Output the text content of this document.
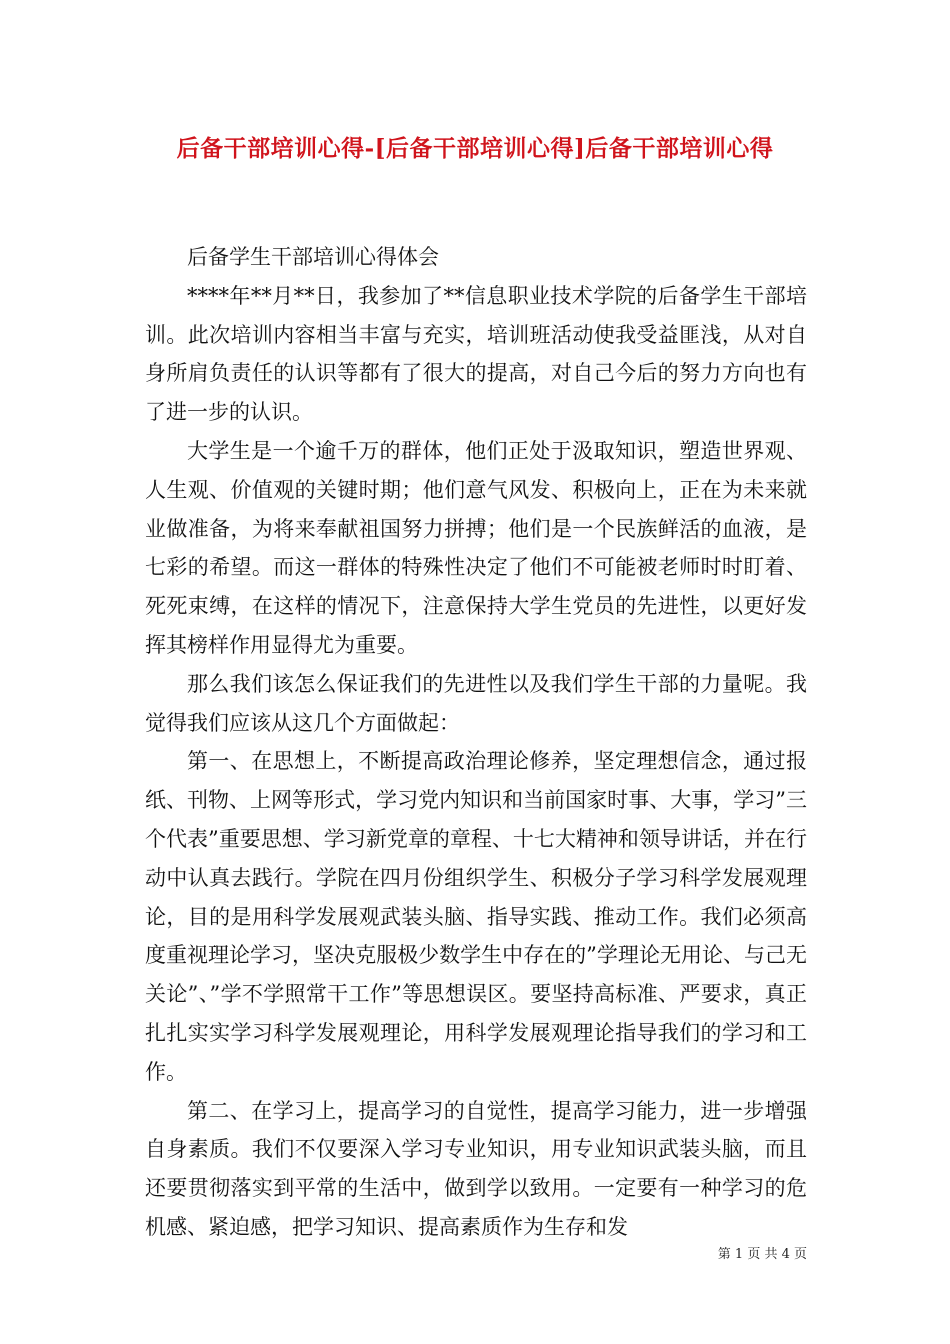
后备干部培训心得-[后备干部培训心得]后备干部培训心得

后备学生干部培训心得体会

****年**月**日，我参加了**信息职业技术学院的后备学生干部培训。此次培训内容相当丰富与充实，培训班活动使我受益匪浅，从对自身所肩负责任的认识等都有了很大的提高，对自己今后的努力方向也有了进一步的认识。

大学生是一个逾千万的群体，他们正处于汲取知识，塑造世界观、人生观、价值观的关键时期；他们意气风发、积极向上，正在为未来就业做准备，为将来奉献祖国努力拼搏；他们是一个民族鲜活的血液，是七彩的希望。而这一群体的特殊性决定了他们不可能被老师时时盯着、死死束缚，在这样的情况下，注意保持大学生党员的先进性，以更好发挥其榜样作用显得尤为重要。

那么我们该怎么保证我们的先进性以及我们学生干部的力量呢。我觉得我们应该从这几个方面做起：

第一、在思想上，不断提高政治理论修养，坚定理想信念，通过报纸、刊物、上网等形式，学习党内知识和当前国家时事、大事，学习”三个代表”重要思想、学习新党章的章程、十七大精神和领导讲话，并在行动中认真去践行。学院在四月份组织学生、积极分子学习科学发展观理论，目的是用科学发展观武装头脑、指导实践、推动工作。我们必须高度重视理论学习，坚决克服极少数学生中存在的”学理论无用论、与己无关论”、”学不学照常干工作”等思想误区。要坚持高标准、严要求，真正扎扎实实学习科学发展观理论，用科学发展观理论指导我们的学习和工作。

第二、在学习上，提高学习的自觉性，提高学习能力，进一步增强自身素质。我们不仅要深入学习专业知识，用专业知识武装头脑，而且还要贯彻落实到平常的生活中，做到学以致用。一定要有一种学习的危机感、紧迫感，把学习知识、提高素质作为生存和发

第 1 页 共 4 页
